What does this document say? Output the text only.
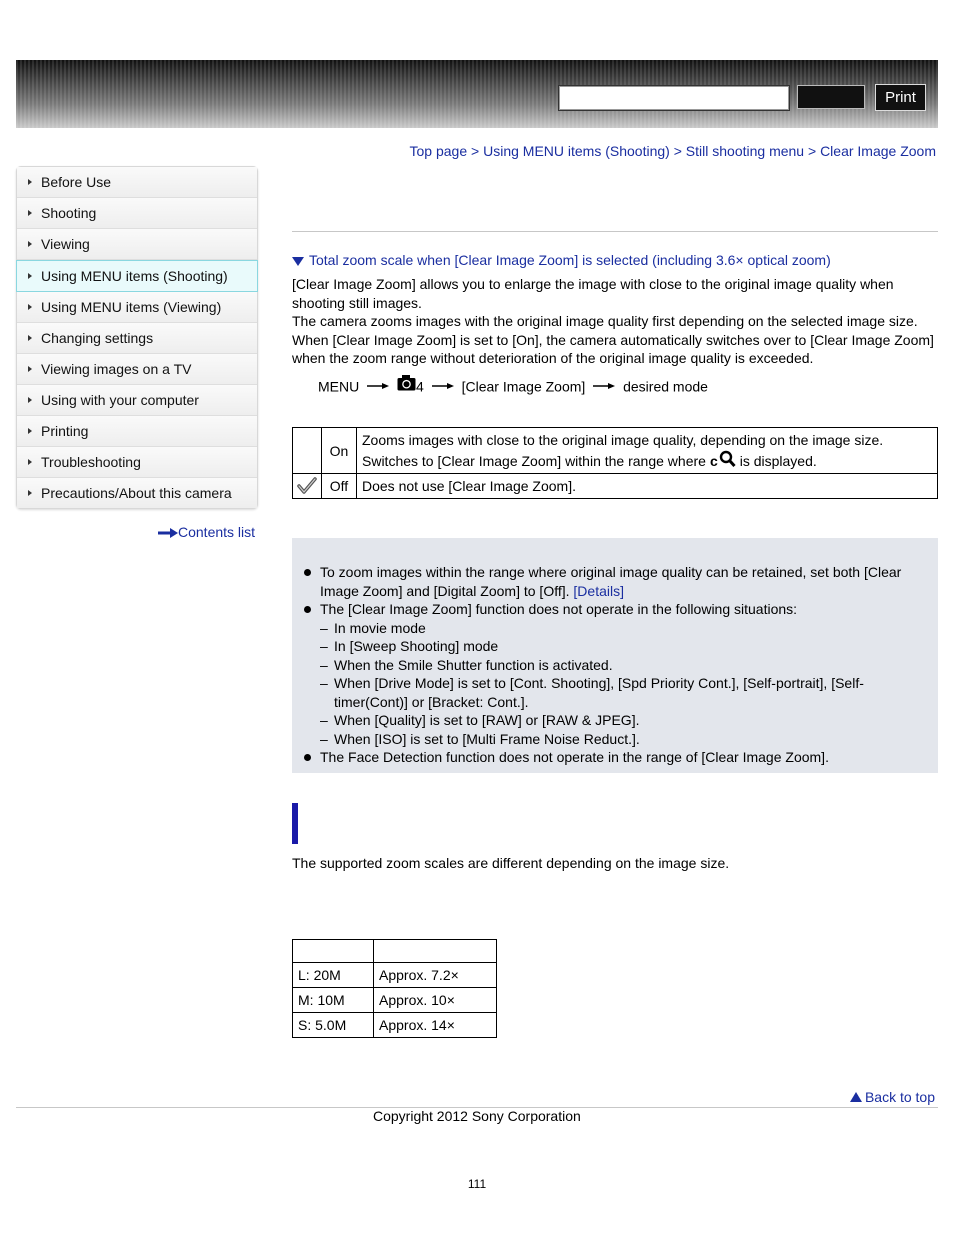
Print
Top page > Using MENU items (Shooting) > Still shooting menu > Clear Image Zoom
Before Use
Shooting
Viewing
Using MENU items (Shooting)
Using MENU items (Viewing)
Changing settings
Viewing images on a TV
Using with your computer
Printing
Troubleshooting
Precautions/About this camera
Contents list
Total zoom scale when [Clear Image Zoom] is selected (including 3.6× optical zoom)
[Clear Image Zoom] allows you to enlarge the image with close to the original image quality when shooting still images.
The camera zooms images with the original image quality first depending on the selected image size. When [Clear Image Zoom] is set to [On], the camera automatically switches over to [Clear Image Zoom] when the zoom range without deterioration of the original image quality is exceeded.
MENU	4	[Clear Image Zoom]	desired mode
	On	Zooms images with close to the original image quality, depending on the image size.
Switches to [Clear Image Zoom] within the range where c is displayed.

	Off	Does not use [Clear Image Zoom].
To zoom images within the range where original image quality can be retained, set both [Clear Image Zoom] and [Digital Zoom] to [Off]. [Details]
The [Clear Image Zoom] function does not operate in the following situations:
– In movie mode
– In [Sweep Shooting] mode
– When the Smile Shutter function is activated.
– When [Drive Mode] is set to [Cont. Shooting], [Spd Priority Cont.], [Self-portrait], [Self-timer(Cont)] or [Bracket: Cont.].
– When [Quality] is set to [RAW] or [RAW & JPEG].
– When [ISO] is set to [Multi Frame Noise Reduct.].
The Face Detection function does not operate in the range of [Clear Image Zoom].
The supported zoom scales are different depending on the image size.

L: 20M	Approx. 7.2×
M: 10M	Approx. 10×
S: 5.0M	Approx. 14×
Back to top
Copyright 2012 Sony Corporation
111
